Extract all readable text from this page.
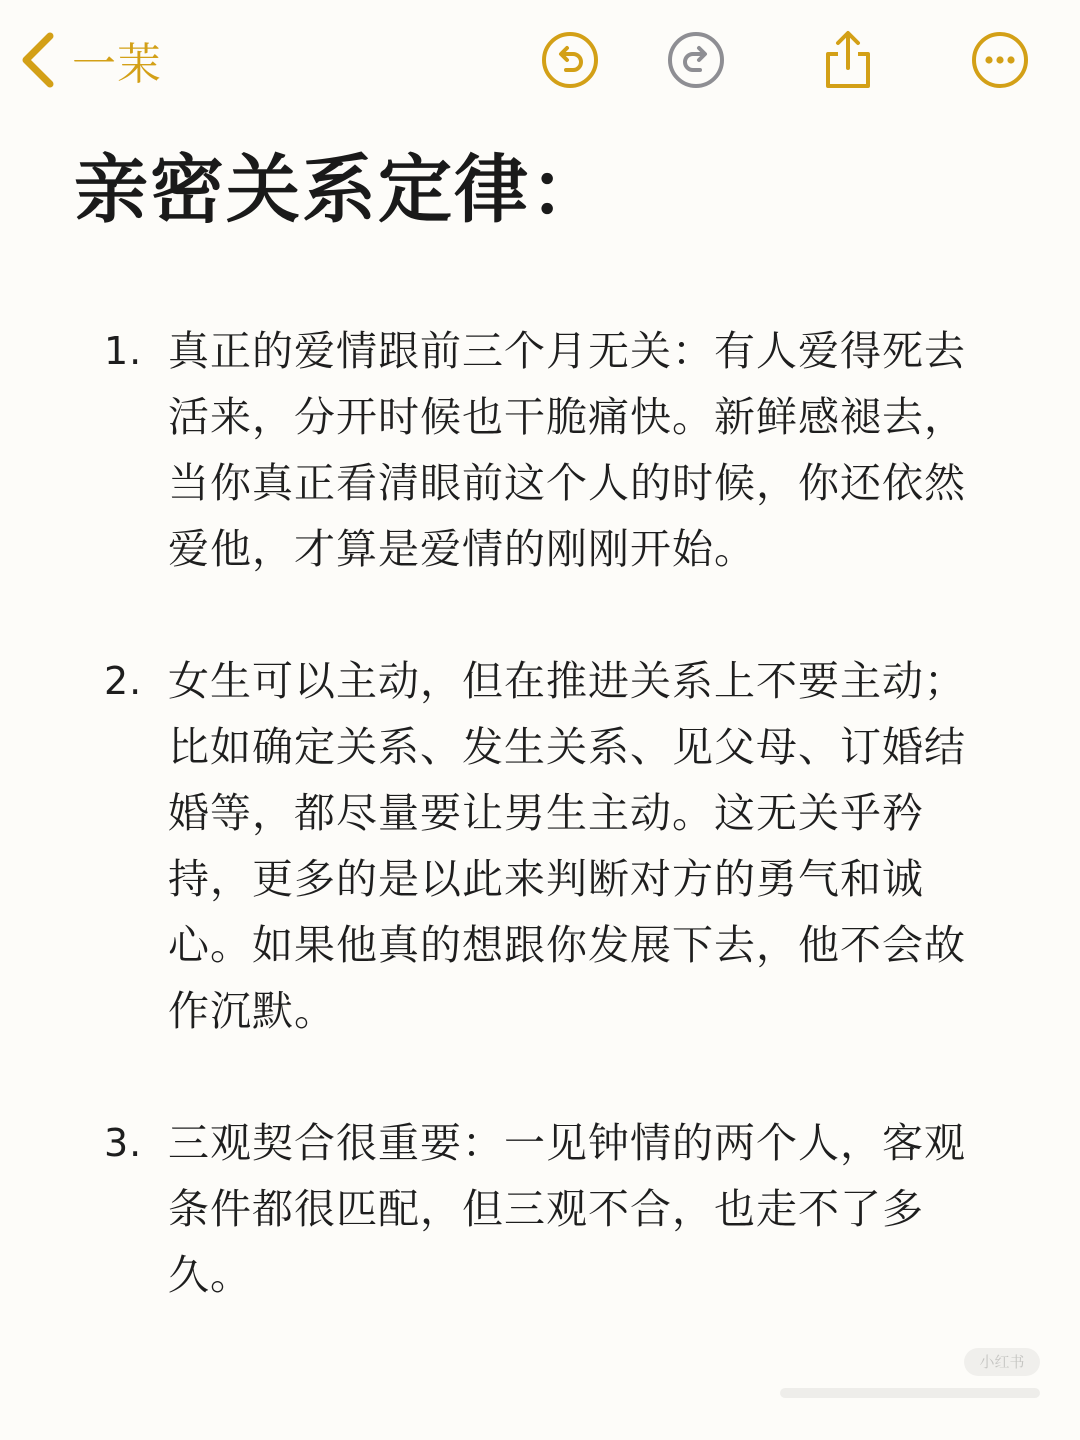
一茉
亲密关系定律：
1. 真正的爱情跟前三个月无关：有人爱得死去活来，分开时候也干脆痛快。新鲜感褪去，当你真正看清眼前这个人的时候，你还依然爱他，才算是爱情的刚刚开始。
2. 女生可以主动，但在推进关系上不要主动；比如确定关系、发生关系、见父母、订婚结婚等，都尽量要让男生主动。这无关乎矜持，更多的是以此来判断对方的勇气和诚心。如果他真的想跟你发展下去，他不会故作沉默。
3. 三观契合很重要：一见钟情的两个人，客观条件都很匹配，但三观不合，也走不了多久。
小红书
